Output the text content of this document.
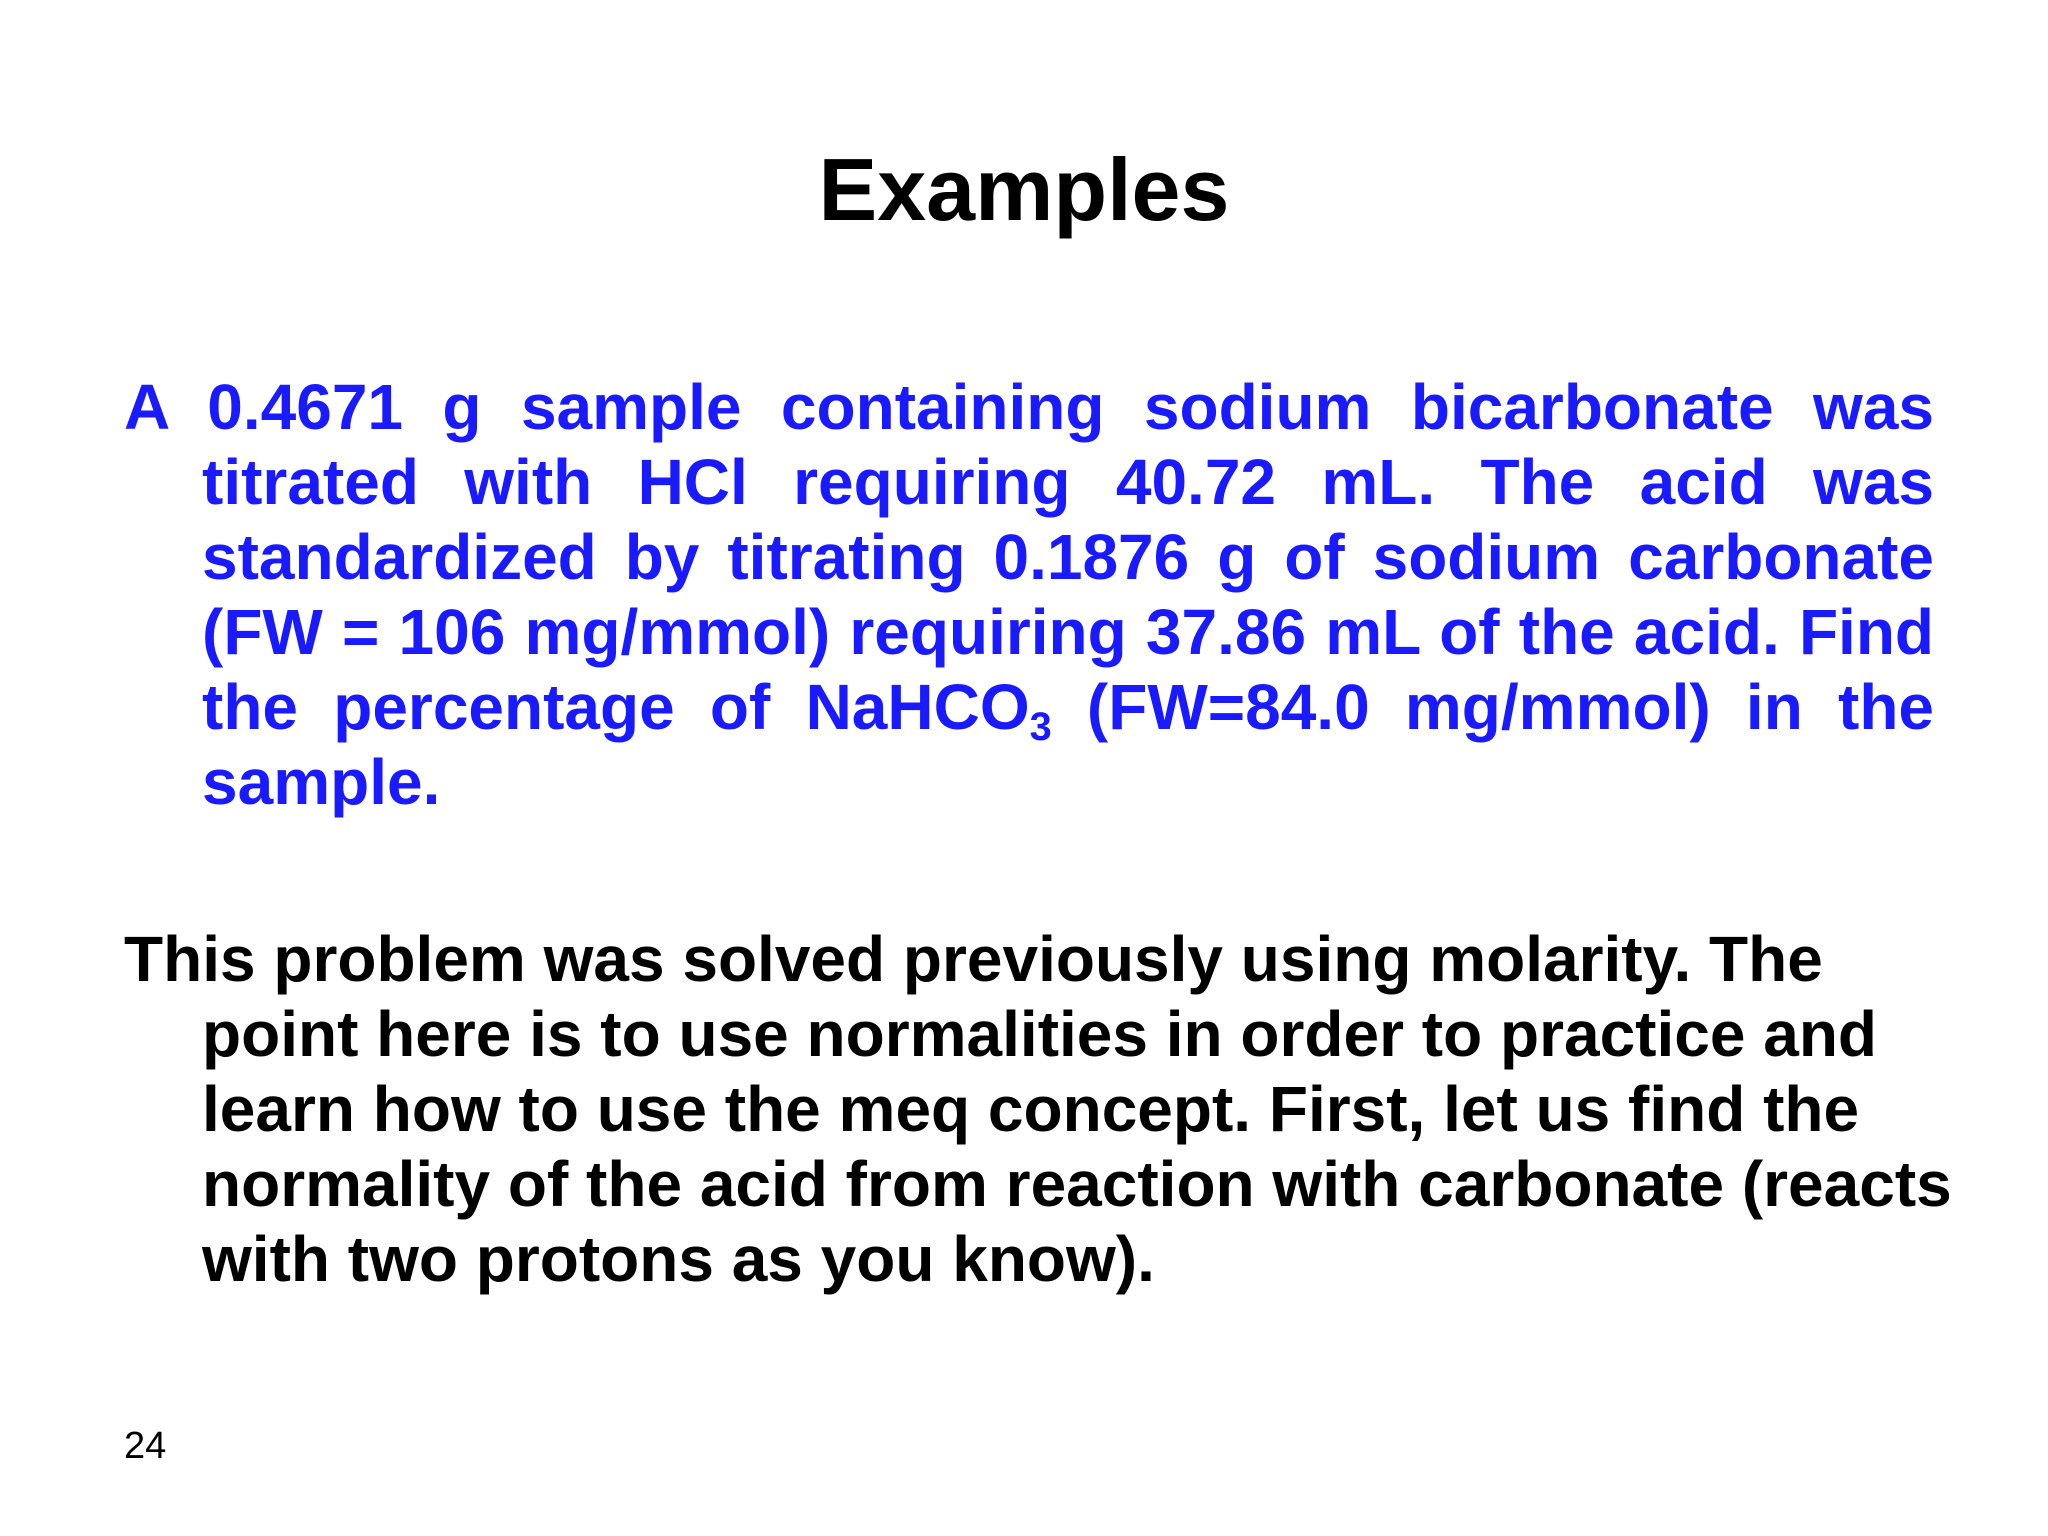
Examples

A 0.4671 g sample containing sodium bicarbonate was titrated with HCl requiring 40.72 mL. The acid was standardized by titrating 0.1876 g of sodium carbonate (FW = 106 mg/mmol) requiring 37.86 mL of the acid. Find the percentage of NaHCO$_3$ (FW=84.0 mg/mmol) in the sample.

This problem was solved previously using molarity. The point here is to use normalities in order to practice and learn how to use the meq concept. First, let us find the normality of the acid from reaction with carbonate (reacts with two protons as you know).

24
